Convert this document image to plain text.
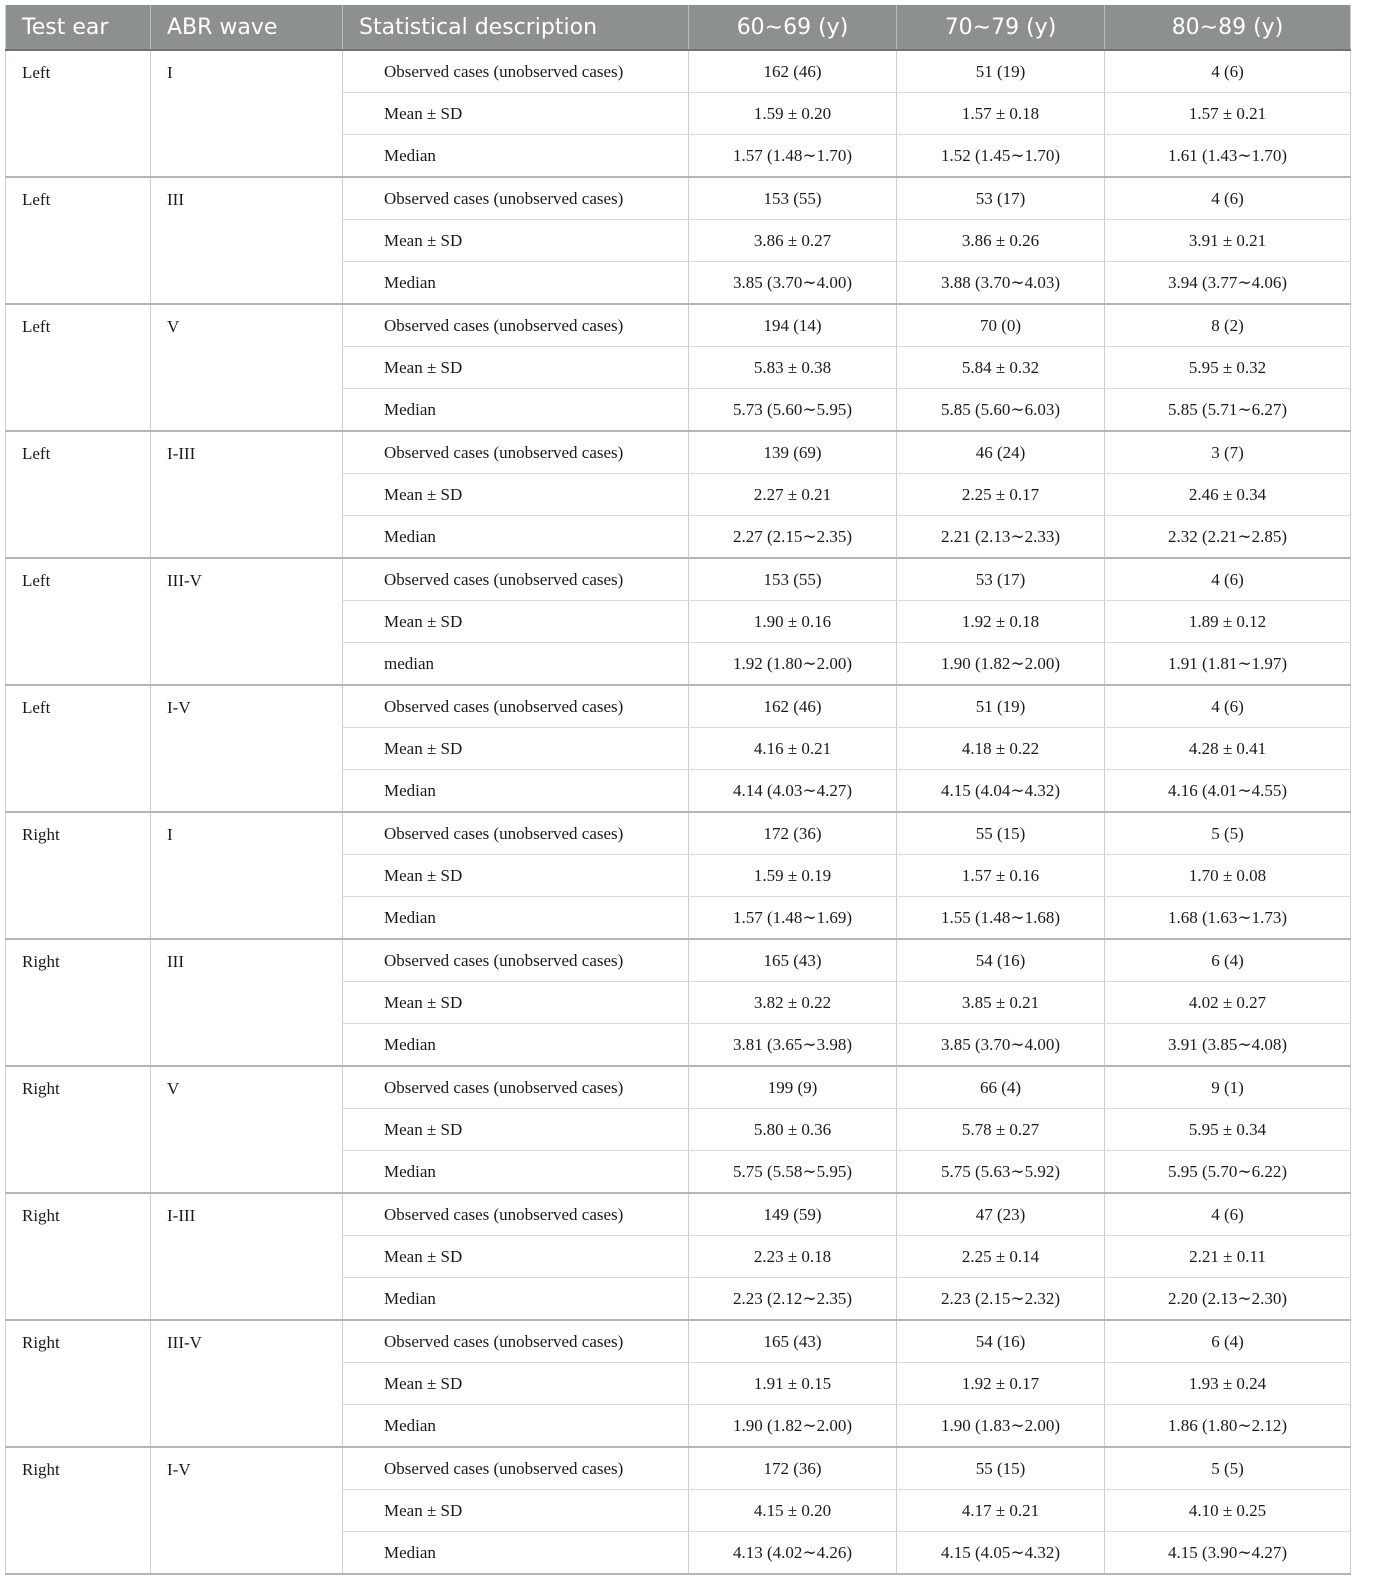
Test ear	ABR wave	Statistical description	60∼69 (y)	70∼79 (y)	80∼89 (y)
Left	I	Observed cases (unobserved cases)	162 (46)	51 (19)	4 (6)
		Mean ± SD	1.59 ± 0.20	1.57 ± 0.18	1.57 ± 0.21
		Median	1.57 (1.48∼1.70)	1.52 (1.45∼1.70)	1.61 (1.43∼1.70)
Left	III	Observed cases (unobserved cases)	153 (55)	53 (17)	4 (6)
		Mean ± SD	3.86 ± 0.27	3.86 ± 0.26	3.91 ± 0.21
		Median	3.85 (3.70∼4.00)	3.88 (3.70∼4.03)	3.94 (3.77∼4.06)
Left	V	Observed cases (unobserved cases)	194 (14)	70 (0)	8 (2)
		Mean ± SD	5.83 ± 0.38	5.84 ± 0.32	5.95 ± 0.32
		Median	5.73 (5.60∼5.95)	5.85 (5.60∼6.03)	5.85 (5.71∼6.27)
Left	I-III	Observed cases (unobserved cases)	139 (69)	46 (24)	3 (7)
		Mean ± SD	2.27 ± 0.21	2.25 ± 0.17	2.46 ± 0.34
		Median	2.27 (2.15∼2.35)	2.21 (2.13∼2.33)	2.32 (2.21∼2.85)
Left	III-V	Observed cases (unobserved cases)	153 (55)	53 (17)	4 (6)
		Mean ± SD	1.90 ± 0.16	1.92 ± 0.18	1.89 ± 0.12
		median	1.92 (1.80∼2.00)	1.90 (1.82∼2.00)	1.91 (1.81∼1.97)
Left	I-V	Observed cases (unobserved cases)	162 (46)	51 (19)	4 (6)
		Mean ± SD	4.16 ± 0.21	4.18 ± 0.22	4.28 ± 0.41
		Median	4.14 (4.03∼4.27)	4.15 (4.04∼4.32)	4.16 (4.01∼4.55)
Right	I	Observed cases (unobserved cases)	172 (36)	55 (15)	5 (5)
		Mean ± SD	1.59 ± 0.19	1.57 ± 0.16	1.70 ± 0.08
		Median	1.57 (1.48∼1.69)	1.55 (1.48∼1.68)	1.68 (1.63∼1.73)
Right	III	Observed cases (unobserved cases)	165 (43)	54 (16)	6 (4)
		Mean ± SD	3.82 ± 0.22	3.85 ± 0.21	4.02 ± 0.27
		Median	3.81 (3.65∼3.98)	3.85 (3.70∼4.00)	3.91 (3.85∼4.08)
Right	V	Observed cases (unobserved cases)	199 (9)	66 (4)	9 (1)
		Mean ± SD	5.80 ± 0.36	5.78 ± 0.27	5.95 ± 0.34
		Median	5.75 (5.58∼5.95)	5.75 (5.63∼5.92)	5.95 (5.70∼6.22)
Right	I-III	Observed cases (unobserved cases)	149 (59)	47 (23)	4 (6)
		Mean ± SD	2.23 ± 0.18	2.25 ± 0.14	2.21 ± 0.11
		Median	2.23 (2.12∼2.35)	2.23 (2.15∼2.32)	2.20 (2.13∼2.30)
Right	III-V	Observed cases (unobserved cases)	165 (43)	54 (16)	6 (4)
		Mean ± SD	1.91 ± 0.15	1.92 ± 0.17	1.93 ± 0.24
		Median	1.90 (1.82∼2.00)	1.90 (1.83∼2.00)	1.86 (1.80∼2.12)
Right	I-V	Observed cases (unobserved cases)	172 (36)	55 (15)	5 (5)
		Mean ± SD	4.15 ± 0.20	4.17 ± 0.21	4.10 ± 0.25
		Median	4.13 (4.02∼4.26)	4.15 (4.05∼4.32)	4.15 (3.90∼4.27)
